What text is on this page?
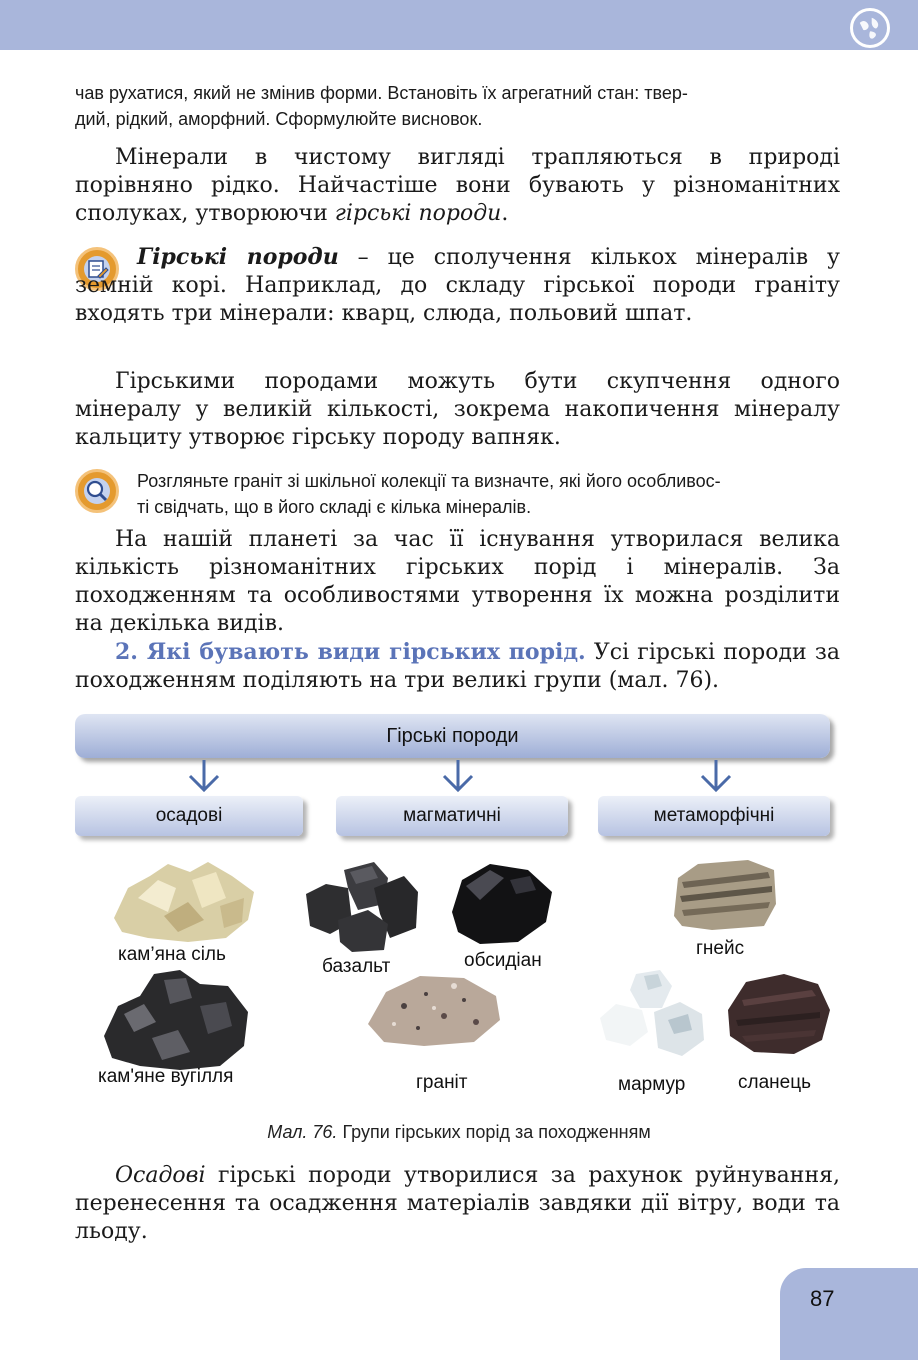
чав рухатися, який не змінив форми. Встановіть їх агрегатний стан: твер-
дий, рідкий, аморфний. Сформулюйте висновок.
Мінерали в чистому вигляді трапляються в природі порівняно рідко. Найчастіше вони бувають у різноманітних сполуках, утворюючи гірські породи.
Гірські породи – це сполучення кількох мінералів у земній корі. Наприклад, до складу гірської породи граніту входять три мінерали: кварц, слюда, польовий шпат.
Гірськими породами можуть бути скупчення одного мінералу у великій кількості, зокрема накопичення мінералу кальциту утворює гірську породу вапняк.
Розгляньте граніт зі шкільної колекції та визначте, які його особливос-
ті свідчать, що в його складі є кілька мінералів.
На нашій планеті за час її існування утворилася велика кількість різноманітних гірських порід і мінералів. За походженням та особливостями утворення їх можна розділити на декілька видів.
2. Які бувають види гірських порід. Усі гірські породи за походженням поділяють на три великі групи (мал. 76).
Гірські породи
осадові	магматичні	метаморфічні
кам’яна сіль
кам'яне вугілля
базальт	обсидіан
граніт
гнейс
мармур	сланець
Мал. 76. Групи гірських порід за походженням
Осадові гірські породи утворилися за рахунок руйнування, перенесення та осадження матеріалів завдяки дії вітру, води та льоду.
87
